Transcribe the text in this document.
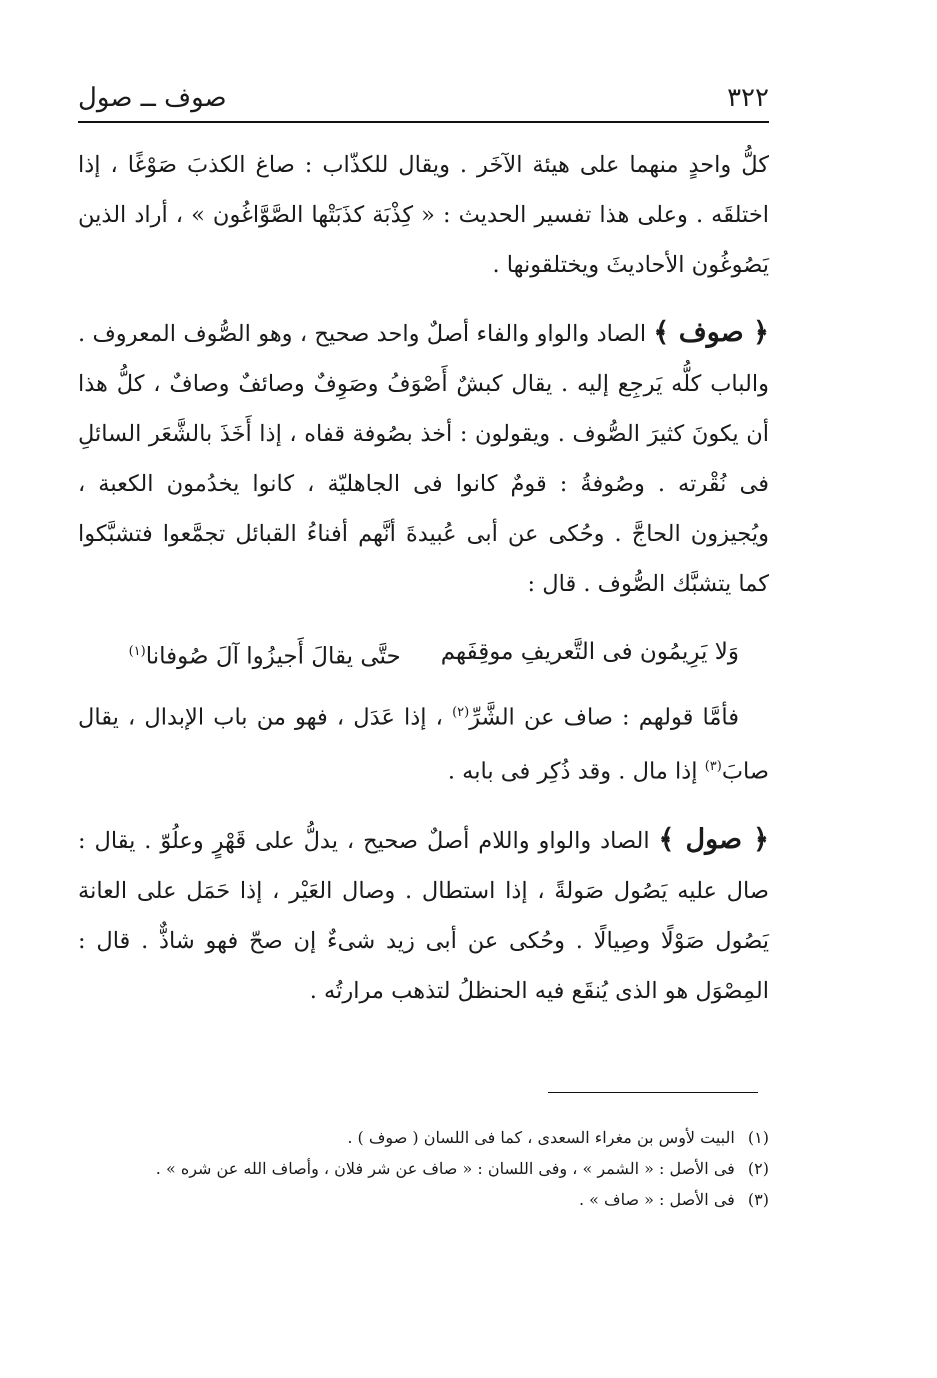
٣٢٢
صوف ــ صول

كلُّ واحدٍ منهما على هيئة الآخَر . ويقال للكذّاب : صاغ الكذبَ صَوْغًا ، إذا اختلقَه . وعلى هذا تفسير الحديث : « كِذْبَة كذَبَتْها الصَّوَّاغُون » ، أراد الذين يَصُوغُون الأحاديثَ ويختلقونها .

﴿ صوف ﴾ الصاد والواو والفاء أصلٌ واحد صحيح ، وهو الصُّوف المعروف . والباب كلُّه يَرجِع إليه . يقال كبشٌ أَصْوَفُ وصَوِفٌ وصائفٌ وصافٌ ، كلُّ هذا أن يكونَ كثيرَ الصُّوف . ويقولون : أخذ بصُوفة قفاه ، إذا أَخَذَ بالشَّعَر السائلِ فى نُقْرته . وصُوفةُ : قومٌ كانوا فى الجاهليّة ، كانوا يخدُمون الكعبة ، ويُجيزون الحاجَّ . وحُكى عن أبى عُبيدةَ أنَّهم أفناءُ القبائل تجمَّعوا فتشبَّكوا كما يتشبَّك الصُّوف . قال :

وَلا يَرِيمُون فى التَّعريفِ موقِفَهم
حتَّى يقالَ أَجيزُوا آلَ صُوفانا$^{(١)}$

فأمَّا قولهم : صاف عن الشَّرِّ$^{(٢)}$ ، إذا عَدَل ، فهو من باب الإبدال ، يقال صابَ$^{(٣)}$ إذا مال . وقد ذُكِر فى بابه .

﴿ صول ﴾ الصاد والواو واللام أصلٌ صحيح ، يدلُّ على قَهْرٍ وعلُوّ . يقال : صال عليه يَصُول صَولةً ، إذا استطال . وصال العَيْر ، إذا حَمَل على العانة يَصُول صَوْلًا وصِيالًا . وحُكى عن أبى زيد شىءٌ إن صحّ فهو شاذٌّ . قال : المِصْوَل هو الذى يُنقَع فيه الحنظلُ لتذهب مرارتُه .

(١) البيت لأوس بن مغراء السعدى ، كما فى اللسان ( صوف ) .

(٢) فى الأصل : « الشمر » ، وفى اللسان : « صاف عن شر فلان ، وأصاف الله عن شره » .

(٣) فى الأصل : « صاف » .
